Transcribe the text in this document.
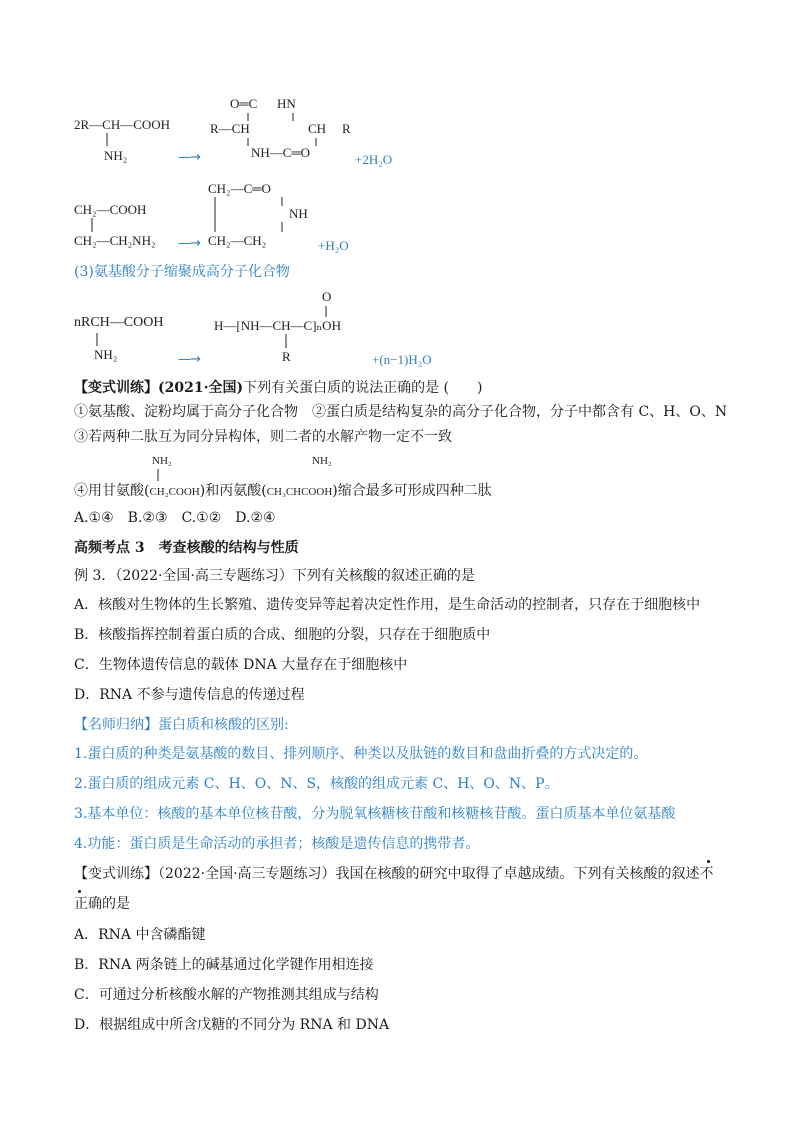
2R—CH—COOH
NH₂
O═C HN
R—CH	CH R
NH—C═O
—→	+2H₂O
CH₂—COOH
CH₂—CH₂NH₂
CH₂—C═O
NH
CH₂—CH₂
—→	+H₂O
(3)氨基酸分子缩聚成高分子化合物
nRCH—COOH
NH₂
O
H—[NH—CH—C]ₙOH
R
—→	+(n−1)H₂O
【变式训练】(2021·全国)下列有关蛋白质的说法正确的是 (　　)
①氨基酸、淀粉均属于高分子化合物　②蛋白质是结构复杂的高分子化合物，分子中都含有 C、H、O、N
③若两种二肽互为同分异构体，则二者的水解产物一定不一致
NH₂	NH₂
④用甘氨酸(CH₂COOH)和丙氨酸(CH₃CHCOOH)缩合最多可形成四种二肽
A.①④　B.②③　C.①②　D.②④
高频考点 3　考查核酸的结构与性质
例 3．（2022·全国·高三专题练习）下列有关核酸的叙述正确的是
A．核酸对生物体的生长繁殖、遗传变异等起着决定性作用，是生命活动的控制者，只存在于细胞核中
B．核酸指挥控制着蛋白质的合成、细胞的分裂，只存在于细胞质中
C．生物体遗传信息的载体 DNA 大量存在于细胞核中
D．RNA 不参与遗传信息的传递过程
【名师归纳】蛋白质和核酸的区别:
1.蛋白质的种类是氨基酸的数目、排列顺序、种类以及肽链的数目和盘曲折叠的方式决定的。
2.蛋白质的组成元素 C、H、O、N、S，核酸的组成元素 C、H、O、N、P。
3.基本单位：核酸的基本单位核苷酸，分为脱氧核糖核苷酸和核糖核苷酸。蛋白质基本单位氨基酸
4.功能：蛋白质是生命活动的承担者；核酸是遗传信息的携带者。
【变式训练】（2022·全国·高三专题练习）我国在核酸的研究中取得了卓越成绩。下列有关核酸的叙述不
正确的是
A．RNA 中含磷酯键
B．RNA 两条链上的碱基通过化学键作用相连接
C．可通过分析核酸水解的产物推测其组成与结构
D．根据组成中所含戊糖的不同分为 RNA 和 DNA
